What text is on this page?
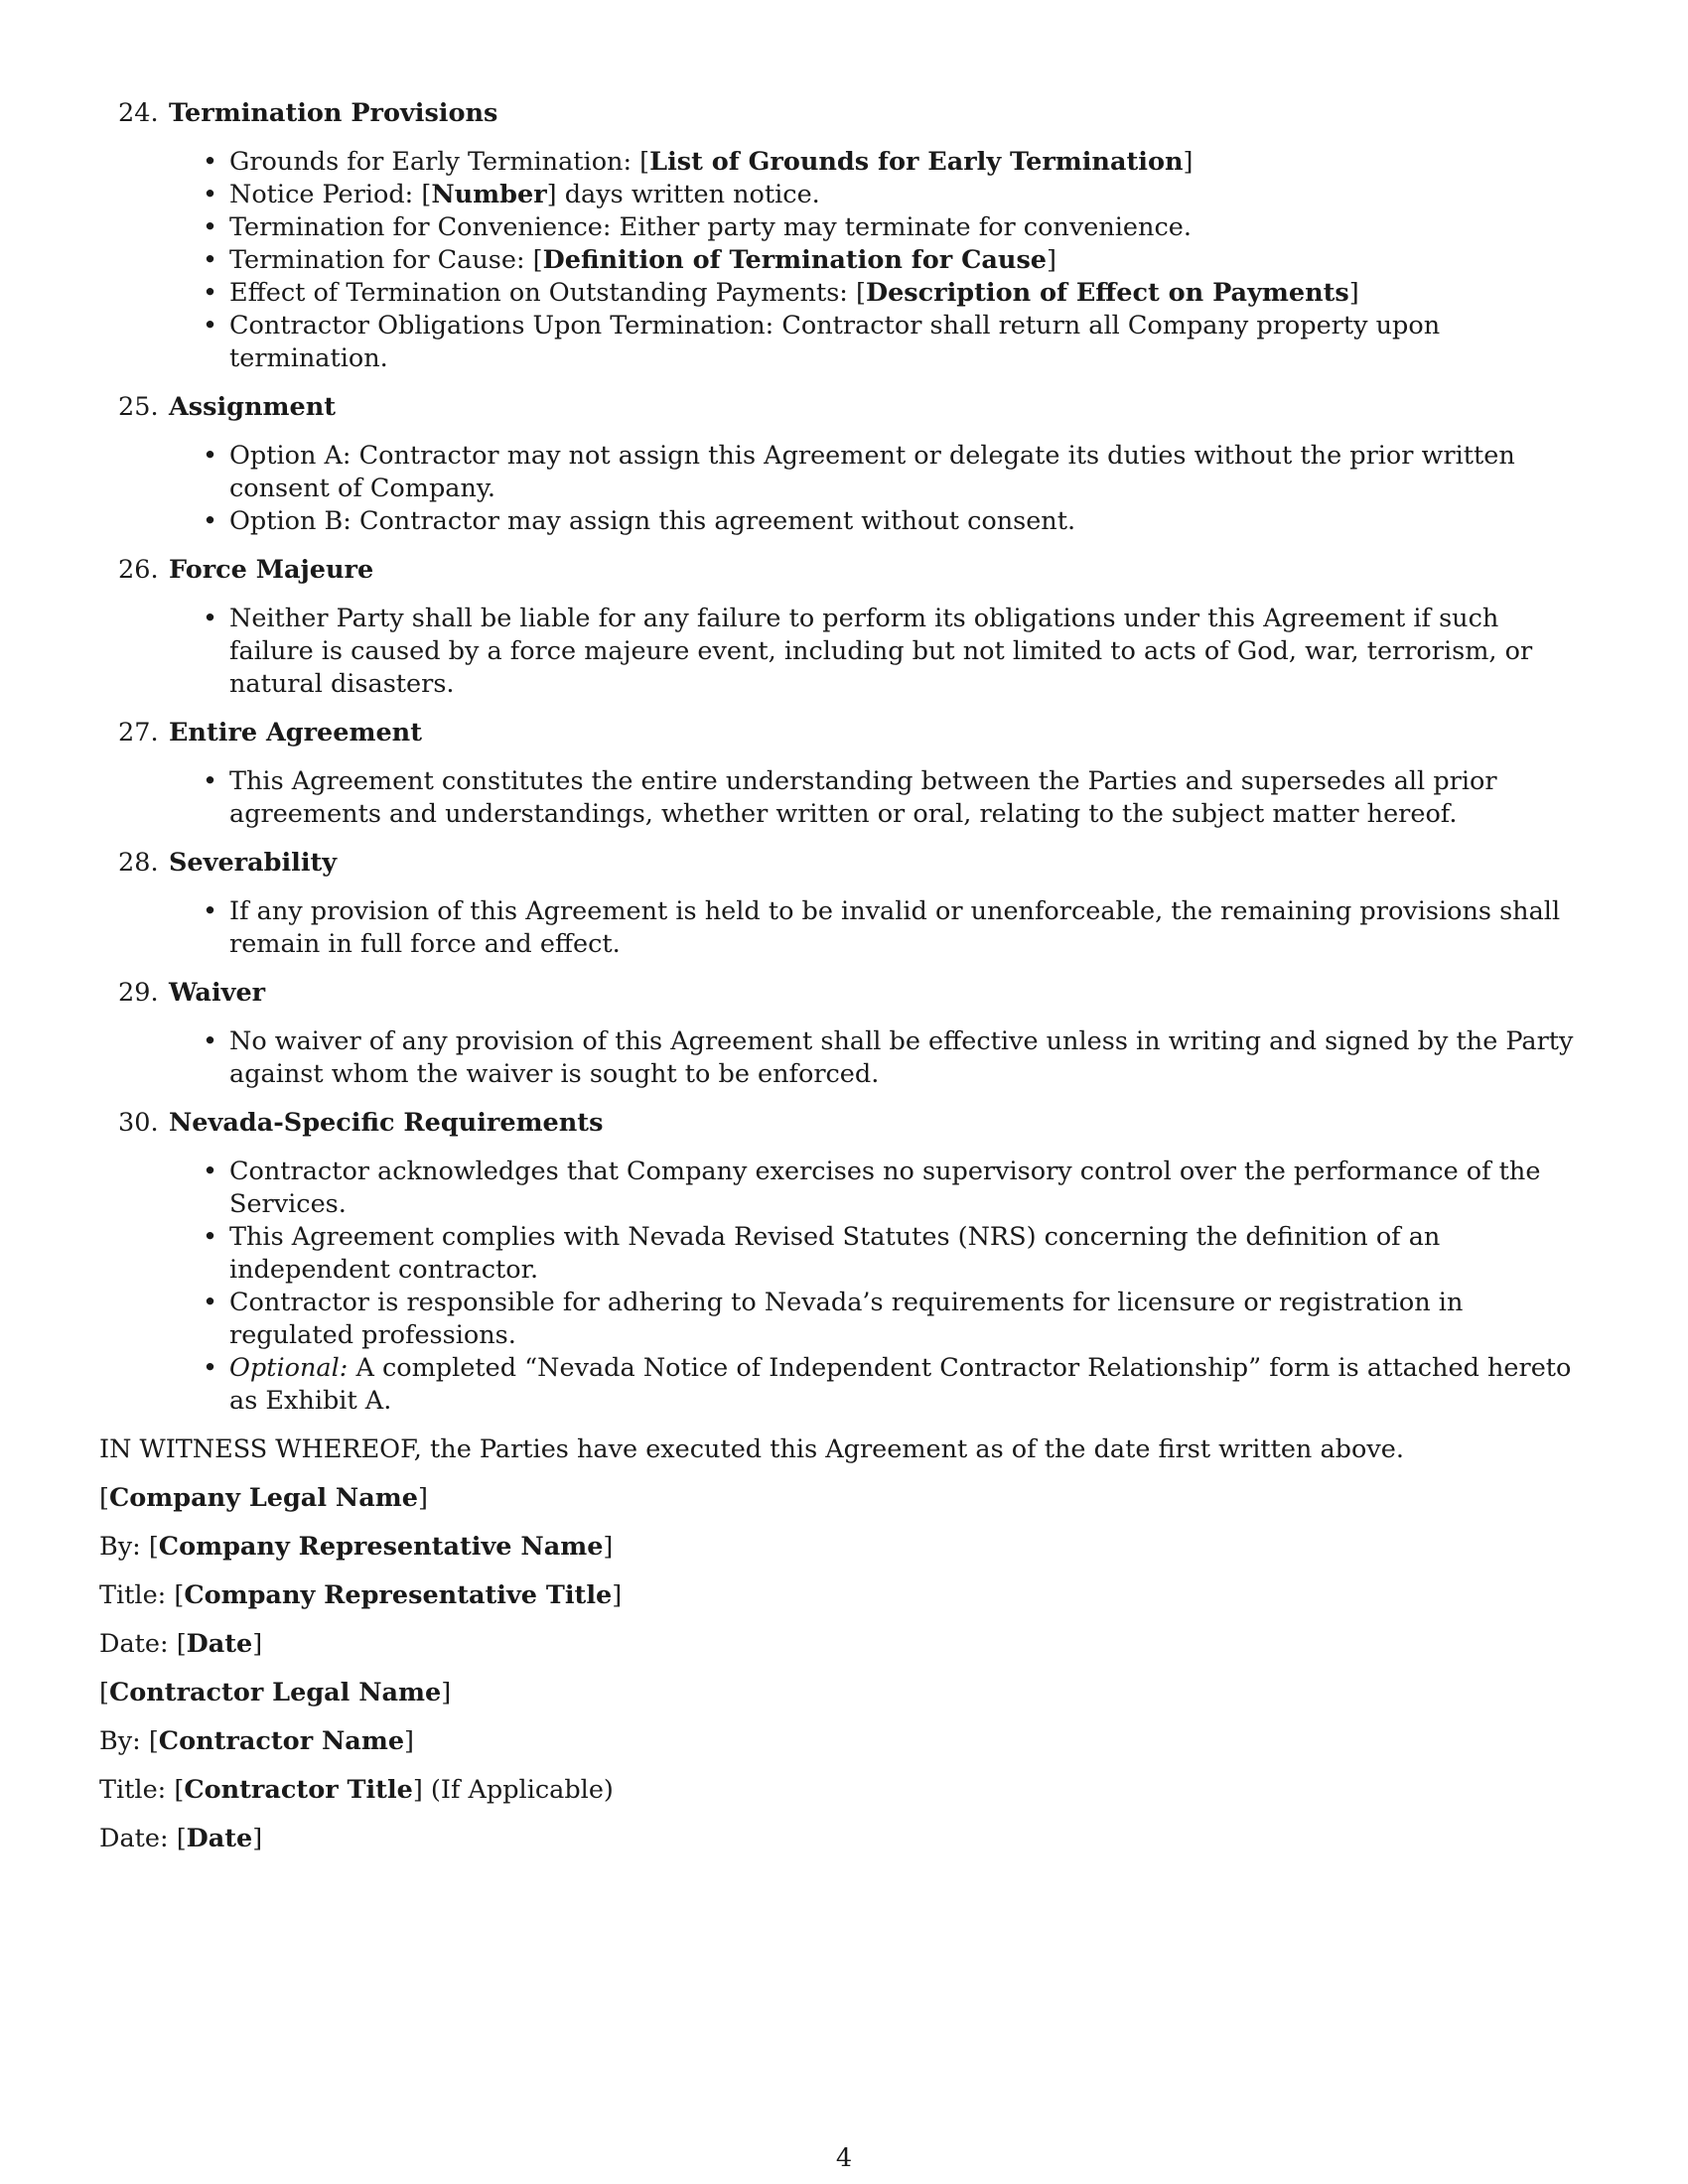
24. Termination Provisions
• Grounds for Early Termination: [List of Grounds for Early Termination]
• Notice Period: [Number] days written notice.
• Termination for Convenience: Either party may terminate for convenience.
• Termination for Cause: [Definition of Termination for Cause]
• Effect of Termination on Outstanding Payments: [Description of Effect on Payments]
• Contractor Obligations Upon Termination: Contractor shall return all Company property upon termination.
25. Assignment
• Option A: Contractor may not assign this Agreement or delegate its duties without the prior written consent of Company.
• Option B: Contractor may assign this agreement without consent.
26. Force Majeure
• Neither Party shall be liable for any failure to perform its obligations under this Agreement if such failure is caused by a force majeure event, including but not limited to acts of God, war, terrorism, or natural disasters.
27. Entire Agreement
• This Agreement constitutes the entire understanding between the Parties and supersedes all prior agreements and understandings, whether written or oral, relating to the subject matter hereof.
28. Severability
• If any provision of this Agreement is held to be invalid or unenforceable, the remaining provisions shall remain in full force and effect.
29. Waiver
• No waiver of any provision of this Agreement shall be effective unless in writing and signed by the Party against whom the waiver is sought to be enforced.
30. Nevada-Specific Requirements
• Contractor acknowledges that Company exercises no supervisory control over the performance of the Services.
• This Agreement complies with Nevada Revised Statutes (NRS) concerning the definition of an independent contractor.
• Contractor is responsible for adhering to Nevada’s requirements for licensure or registration in regulated professions.
• Optional: A completed “Nevada Notice of Independent Contractor Relationship” form is attached hereto as Exhibit A.
IN WITNESS WHEREOF, the Parties have executed this Agreement as of the date first written above.
[Company Legal Name]
By: [Company Representative Name]
Title: [Company Representative Title]
Date: [Date]
[Contractor Legal Name]
By: [Contractor Name]
Title: [Contractor Title] (If Applicable)
Date: [Date]
4
